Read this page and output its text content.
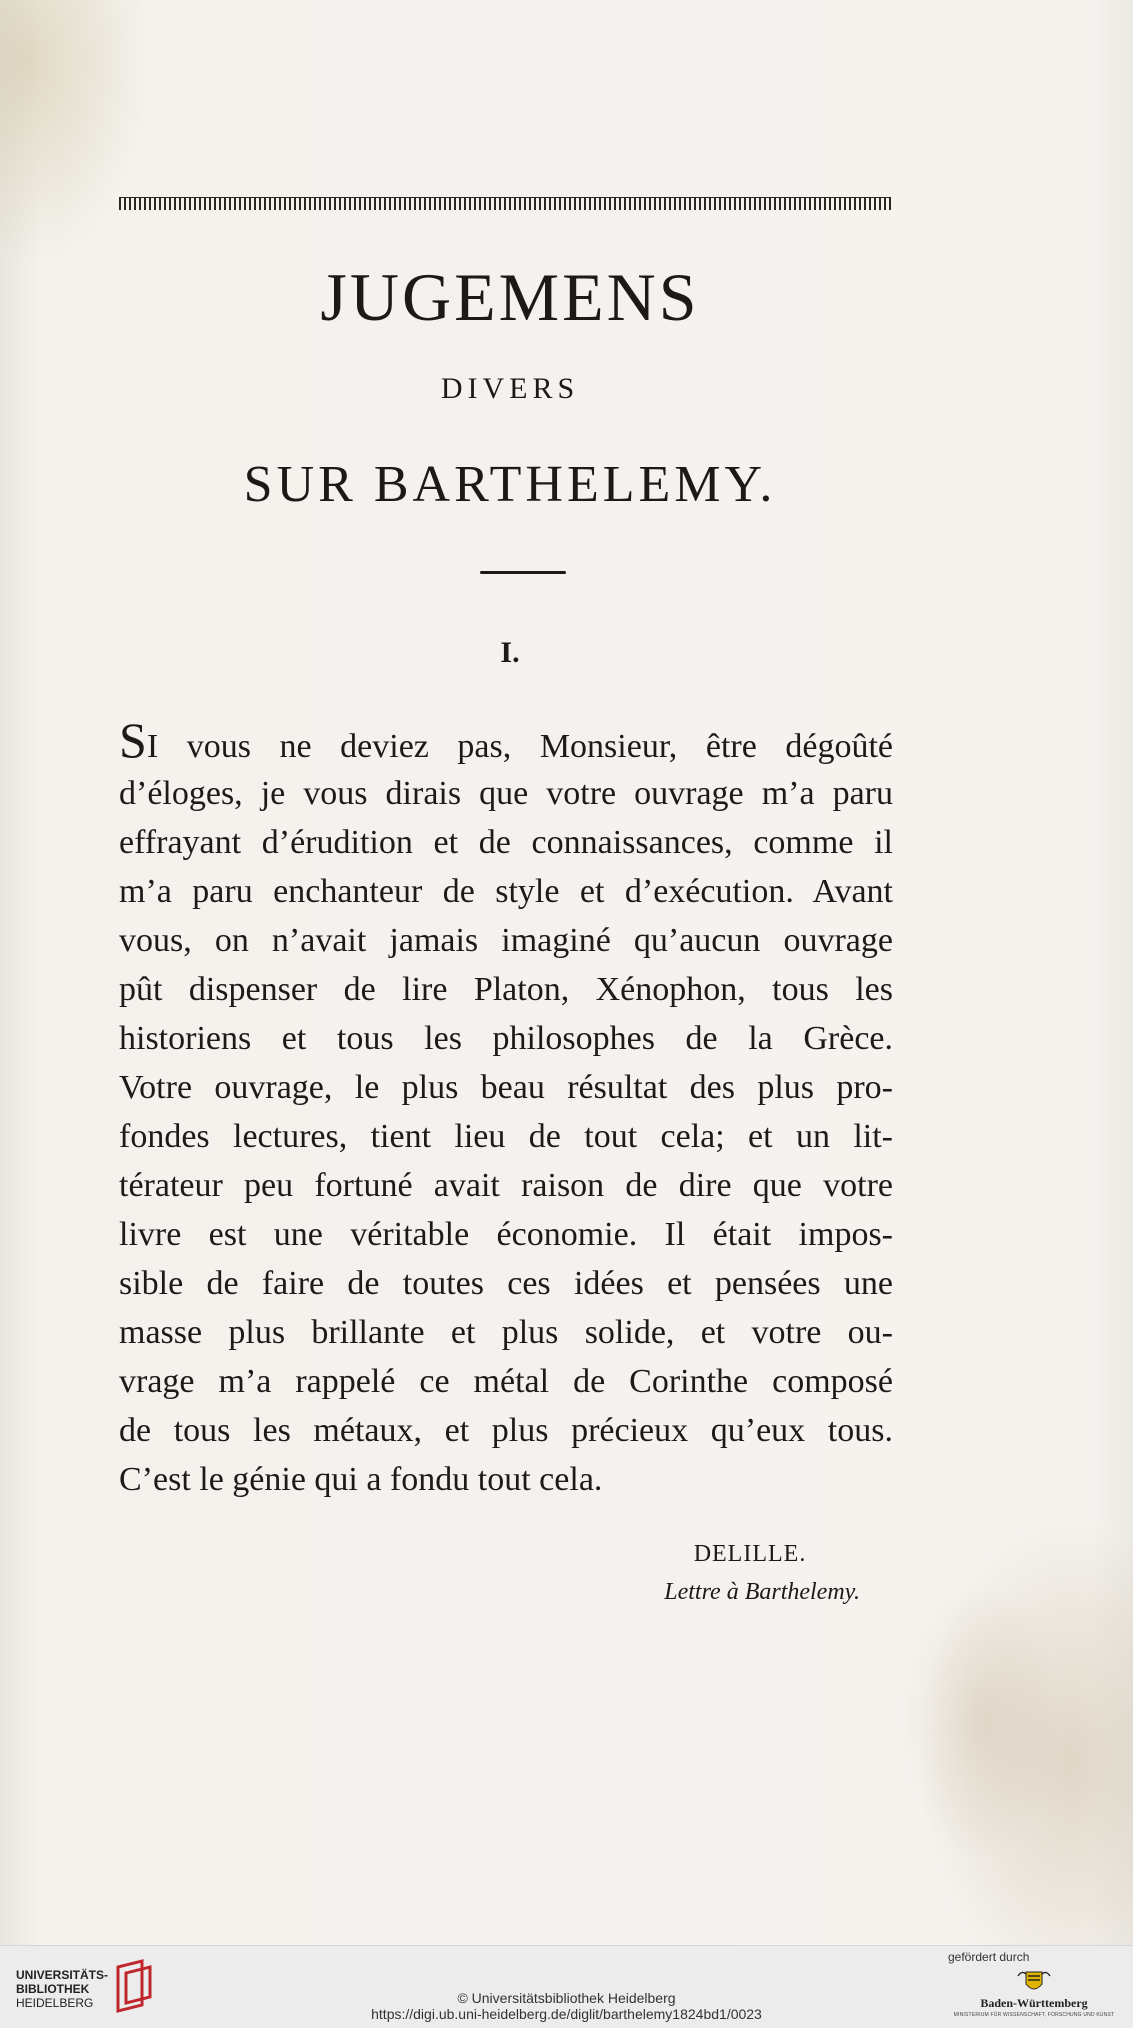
JUGEMENS
DIVERS
SUR BARTHELEMY.
I.
SI vous ne deviez pas, Monsieur, être dégoûté
d’éloges, je vous dirais que votre ouvrage m’a paru
effrayant d’érudition et de connaissances, comme il
m’a paru enchanteur de style et d’exécution. Avant
vous, on n’avait jamais imaginé qu’aucun ouvrage
pût dispenser de lire Platon, Xénophon, tous les
historiens et tous les philosophes de la Grèce.
Votre ouvrage, le plus beau résultat des plus pro-
fondes lectures, tient lieu de tout cela; et un lit-
térateur peu fortuné avait raison de dire que votre
livre est une véritable économie. Il était impos-
sible de faire de toutes ces idées et pensées une
masse plus brillante et plus solide, et votre ou-
vrage m’a rappelé ce métal de Corinthe composé
de tous les métaux, et plus précieux qu’eux tous.
C’est le génie qui a fondu tout cela.
DELILLE.
Lettre à Barthelemy.
UNIVERSITÄTS-
BIBLIOTHEK
HEIDELBERG	© Universitätsbibliothek Heidelberg
https://digi.ub.uni-heidelberg.de/diglit/barthelemy1824bd1/0023
gefördert durch
Baden-Württemberg
MINISTERIUM FÜR WISSENSCHAFT, FORSCHUNG UND KUNST
